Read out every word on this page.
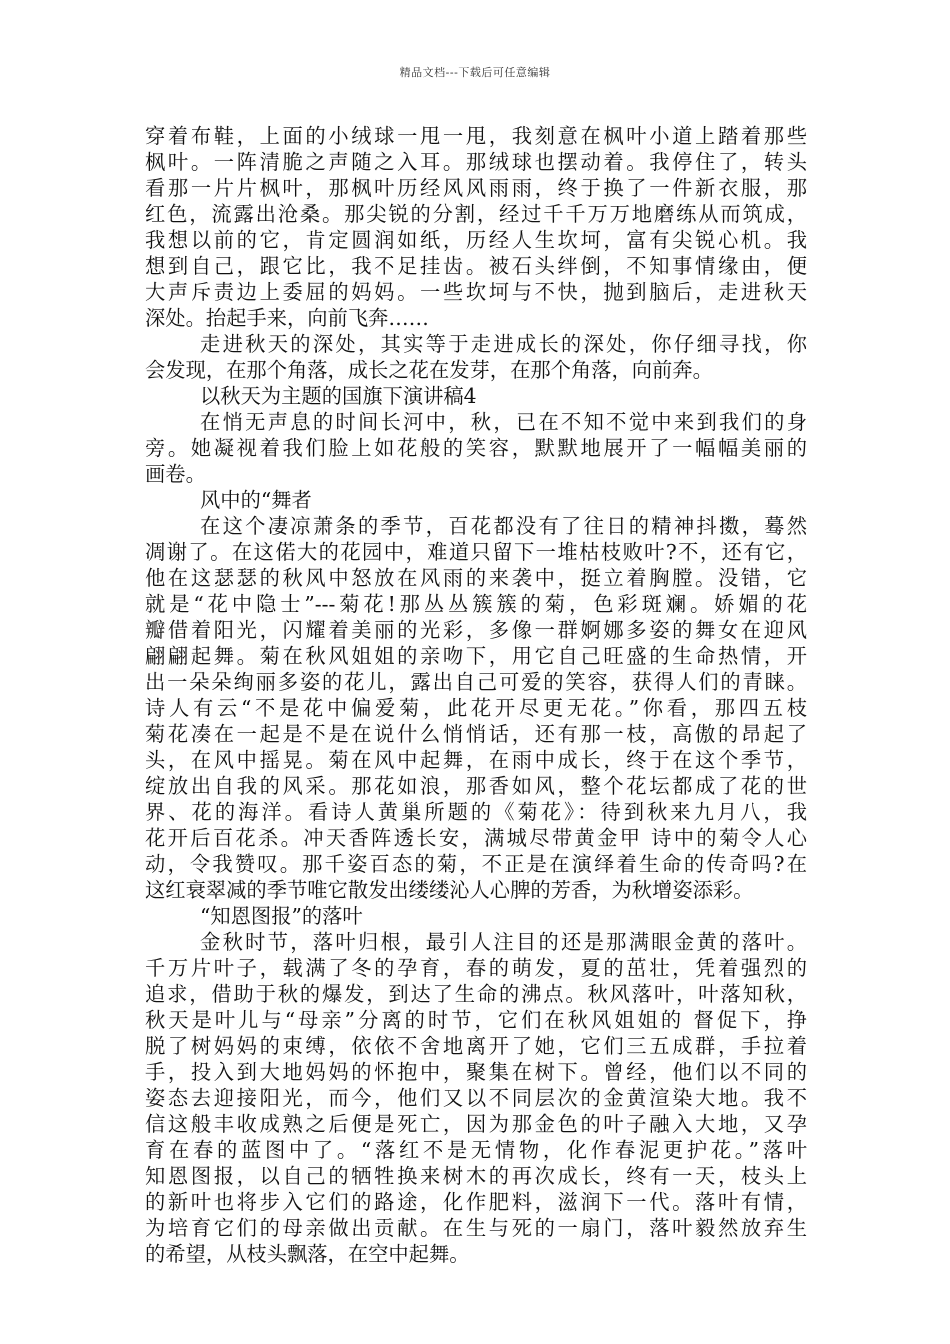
精品文档---下载后可任意编辑
穿着布鞋，上面的小绒球一甩一甩，我刻意在枫叶小道上踏着那些
枫叶。一阵清脆之声随之入耳。那绒球也摆动着。我停住了，转头
看那一片片枫叶，那枫叶历经风风雨雨，终于换了一件新衣服，那
红色，流露出沧桑。那尖锐的分割，经过千千万万地磨练从而筑成，
我想以前的它，肯定圆润如纸，历经人生坎坷，富有尖锐心机。我
想到自己，跟它比，我不足挂齿。被石头绊倒，不知事情缘由，便
大声斥责边上委屈的妈妈。一些坎坷与不快，抛到脑后，走进秋天
深处。抬起手来，向前飞奔……
走进秋天的深处，其实等于走进成长的深处，你仔细寻找，你
会发现，在那个角落，成长之花在发芽，在那个角落，向前奔。
以秋天为主题的国旗下演讲稿4
在悄无声息的时间长河中，秋，已在不知不觉中来到我们的身
旁。她凝视着我们脸上如花般的笑容，默默地展开了一幅幅美丽的
画卷。
风中的“舞者
在这个凄凉萧条的季节，百花都没有了往日的精神抖擞，蓦然
凋谢了。在这偌大的花园中，难道只留下一堆枯枝败叶?不，还有它，
他在这瑟瑟的秋风中怒放在风雨的来袭中，挺立着胸膛。没错，它
就是“花中隐士”---菊花!那丛丛簇簇的菊，色彩斑斓。娇媚的花
瓣借着阳光，闪耀着美丽的光彩，多像一群婀娜多姿的舞女在迎风
翩翩起舞。菊在秋风姐姐的亲吻下，用它自己旺盛的生命热情，开
出一朵朵绚丽多姿的花儿，露出自己可爱的笑容，获得人们的青睐。
诗人有云“不是花中偏爱菊，此花开尽更无花。”你看，那四五枝
菊花凑在一起是不是在说什么悄悄话，还有那一枝，高傲的昂起了
头，在风中摇晃。菊在风中起舞，在雨中成长，终于在这个季节，
绽放出自我的风采。那花如浪，那香如风，整个花坛都成了花的世
界、花的海洋。看诗人黄巢所题的《菊花》：待到秋来九月八，我
花开后百花杀。冲天香阵透长安，满城尽带黄金甲 诗中的菊令人心
动，令我赞叹。那千姿百态的菊，不正是在演绎着生命的传奇吗?在
这红衰翠减的季节唯它散发出缕缕沁人心脾的芳香，为秋增姿添彩。
“知恩图报”的落叶
金秋时节，落叶归根，最引人注目的还是那满眼金黄的落叶。
千万片叶子，载满了冬的孕育，春的萌发，夏的茁壮，凭着强烈的
追求，借助于秋的爆发，到达了生命的沸点。秋风落叶，叶落知秋，
秋天是叶儿与“母亲”分离的时节，它们在秋风姐姐的 督促下，挣
脱了树妈妈的束缚，依依不舍地离开了她，它们三五成群，手拉着
手，投入到大地妈妈的怀抱中，聚集在树下。曾经，他们以不同的
姿态去迎接阳光，而今，他们又以不同层次的金黄渲染大地。我不
信这般丰收成熟之后便是死亡，因为那金色的叶子融入大地，又孕
育在春的蓝图中了。“落红不是无情物，化作春泥更护花。”落叶
知恩图报，以自己的牺牲换来树木的再次成长，终有一天，枝头上
的新叶也将步入它们的路途，化作肥料，滋润下一代。落叶有情，
为培育它们的母亲做出贡献。在生与死的一扇门，落叶毅然放弃生
的希望，从枝头飘落，在空中起舞。
